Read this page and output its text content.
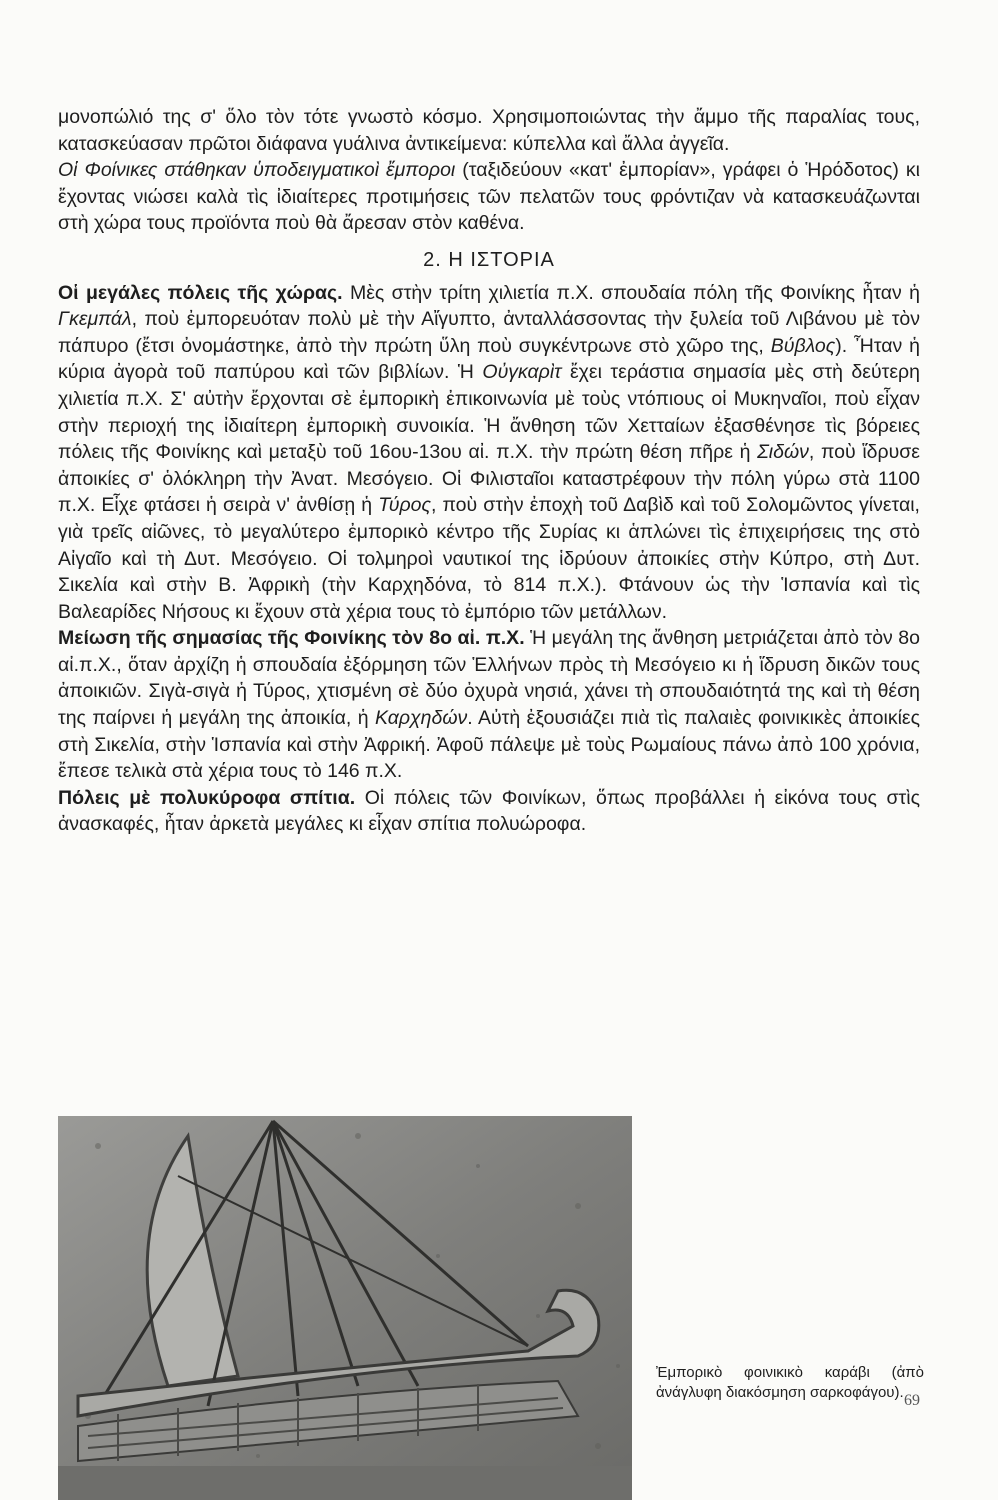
μονοπώλιό της σ' ὅλο τὸν τότε γνωστὸ κόσμο. Χρησιμοποιώντας τὴν ἄμμο τῆς παραλίας τους, κατασκεύασαν πρῶτοι διάφανα γυάλινα ἀντικείμενα: κύπελλα καὶ ἄλλα ἀγγεῖα.

Οἱ Φοίνικες στάθηκαν ὑποδειγματικοὶ ἔμποροι (ταξιδεύουν «κατ' ἐμπορίαν», γράφει ὁ Ἡρόδοτος) κι ἔχοντας νιώσει καλὰ τὶς ἰδιαίτερες προτιμήσεις τῶν πελατῶν τους φρόντιζαν νὰ κατασκευάζωνται στὴ χώρα τους προϊόντα ποὺ θὰ ἄρεσαν στὸν καθένα.

2. Η ΙΣΤΟΡΙΑ

Οἱ μεγάλες πόλεις τῆς χώρας. Μὲς στὴν τρίτη χιλιετία π.Χ. σπουδαία πόλη τῆς Φοινίκης ἦταν ἡ Γκεμπάλ, ποὺ ἐμπορευόταν πολὺ μὲ τὴν Αἴγυπτο, ἀνταλλάσσοντας τὴν ξυλεία τοῦ Λιβάνου μὲ τὸν πάπυρο (ἔτσι ὀνομάστηκε, ἀπὸ τὴν πρώτη ὕλη ποὺ συγκέντρωνε στὸ χῶρο της, Βύβλος). Ἦταν ἡ κύρια ἀγορὰ τοῦ παπύρου καὶ τῶν βιβλίων. Ἡ Οὐγκαρὶτ ἔχει τεράστια σημασία μὲς στὴ δεύτερη χιλιετία π.Χ. Σ' αὐτὴν ἔρχονται σὲ ἐμπορικὴ ἐπικοινωνία μὲ τοὺς ντόπιους οἱ Μυκηναῖοι, ποὺ εἶχαν στὴν περιοχή της ἰδιαίτερη ἐμπορικὴ συνοικία. Ἡ ἄνθηση τῶν Χετταίων ἐξασθένησε τὶς βόρειες πόλεις τῆς Φοινίκης καὶ μεταξὺ τοῦ 16ου-13ου αἰ. π.Χ. τὴν πρώτη θέση πῆρε ἡ Σιδών, ποὺ ἵδρυσε ἀποικίες σ' ὁλόκληρη τὴν Ἀνατ. Μεσόγειο. Οἱ Φιλισταῖοι καταστρέφουν τὴν πόλη γύρω στὰ 1100 π.Χ. Εἶχε φτάσει ἡ σειρὰ ν' ἀνθίσῃ ἡ Τύρος, ποὺ στὴν ἐποχὴ τοῦ Δαβὶδ καὶ τοῦ Σολομῶντος γίνεται, γιὰ τρεῖς αἰῶνες, τὸ μεγαλύτερο ἐμπορικὸ κέντρο τῆς Συρίας κι ἁπλώνει τὶς ἐπιχειρήσεις της στὸ Αἰγαῖο καὶ τὴ Δυτ. Μεσόγειο. Οἱ τολμηροὶ ναυτικοί της ἱδρύουν ἀποικίες στὴν Κύπρο, στὴ Δυτ. Σικελία καὶ στὴν Β. Ἀφρικὴ (τὴν Καρχηδόνα, τὸ 814 π.Χ.). Φτάνουν ὡς τὴν Ἱσπανία καὶ τὶς Βαλεαρίδες Νήσους κι ἔχουν στὰ χέρια τους τὸ ἐμπόριο τῶν μετάλλων.

Μείωση τῆς σημασίας τῆς Φοινίκης τὸν 8ο αἰ. π.Χ. Ἡ μεγάλη της ἄνθηση μετριάζεται ἀπὸ τὸν 8ο αἰ.π.Χ., ὅταν ἀρχίζη ἡ σπουδαία ἐξόρμηση τῶν Ἑλλήνων πρὸς τὴ Μεσόγειο κι ἡ ἵδρυση δικῶν τους ἀποικιῶν. Σιγὰ-σιγὰ ἡ Τύρος, χτισμένη σὲ δύο ὀχυρὰ νησιά, χάνει τὴ σπουδαιότητά της καὶ τὴ θέση της παίρνει ἡ μεγάλη της ἀποικία, ἡ Καρχηδών. Αὐτὴ ἐξουσιάζει πιὰ τὶς παλαιὲς φοινικικὲς ἀποικίες στὴ Σικελία, στὴν Ἱσπανία καὶ στὴν Ἀφρική. Ἀφοῦ πάλεψε μὲ τοὺς Ρωμαίους πάνω ἀπὸ 100 χρόνια, ἔπεσε τελικὰ στὰ χέρια τους τὸ 146 π.Χ.

Πόλεις μὲ πολυκύροφα σπίτια. Οἱ πόλεις τῶν Φοινίκων, ὅπως προβάλλει ἡ εἰκόνα τους στὶς ἀνασκαφές, ἦταν ἀρκετὰ μεγάλες κι εἶχαν σπίτια πολυώροφα.

Ἐμπορικὸ φοινικικὸ καράβι (ἀπὸ ἀνάγλυφη διακόσμηση σαρκοφάγου). 69
